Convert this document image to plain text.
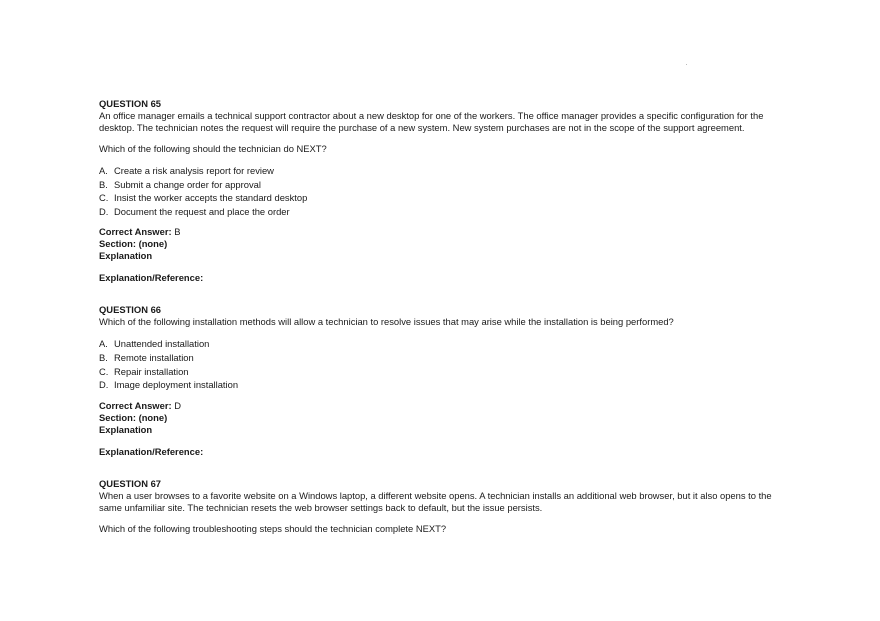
QUESTION 65

An office manager emails a technical support contractor about a new desktop for one of the workers. The office manager provides a specific configuration for the desktop. The technician notes the request will require the purchase of a new system. New system purchases are not in the scope of the support agreement.

Which of the following should the technician do NEXT?

A. Create a risk analysis report for review
B. Submit a change order for approval
C. Insist the worker accepts the standard desktop
D. Document the request and place the order
Correct Answer: B
Section: (none)
Explanation
Explanation/Reference:

QUESTION 66

Which of the following installation methods will allow a technician to resolve issues that may arise while the installation is being performed?

A. Unattended installation
B. Remote installation
C. Repair installation
D. Image deployment installation
Correct Answer: D
Section: (none)
Explanation
Explanation/Reference:

QUESTION 67

When a user browses to a favorite website on a Windows laptop, a different website opens. A technician installs an additional web browser, but it also opens to the same unfamiliar site. The technician resets the web browser settings back to default, but the issue persists.

Which of the following troubleshooting steps should the technician complete NEXT?
